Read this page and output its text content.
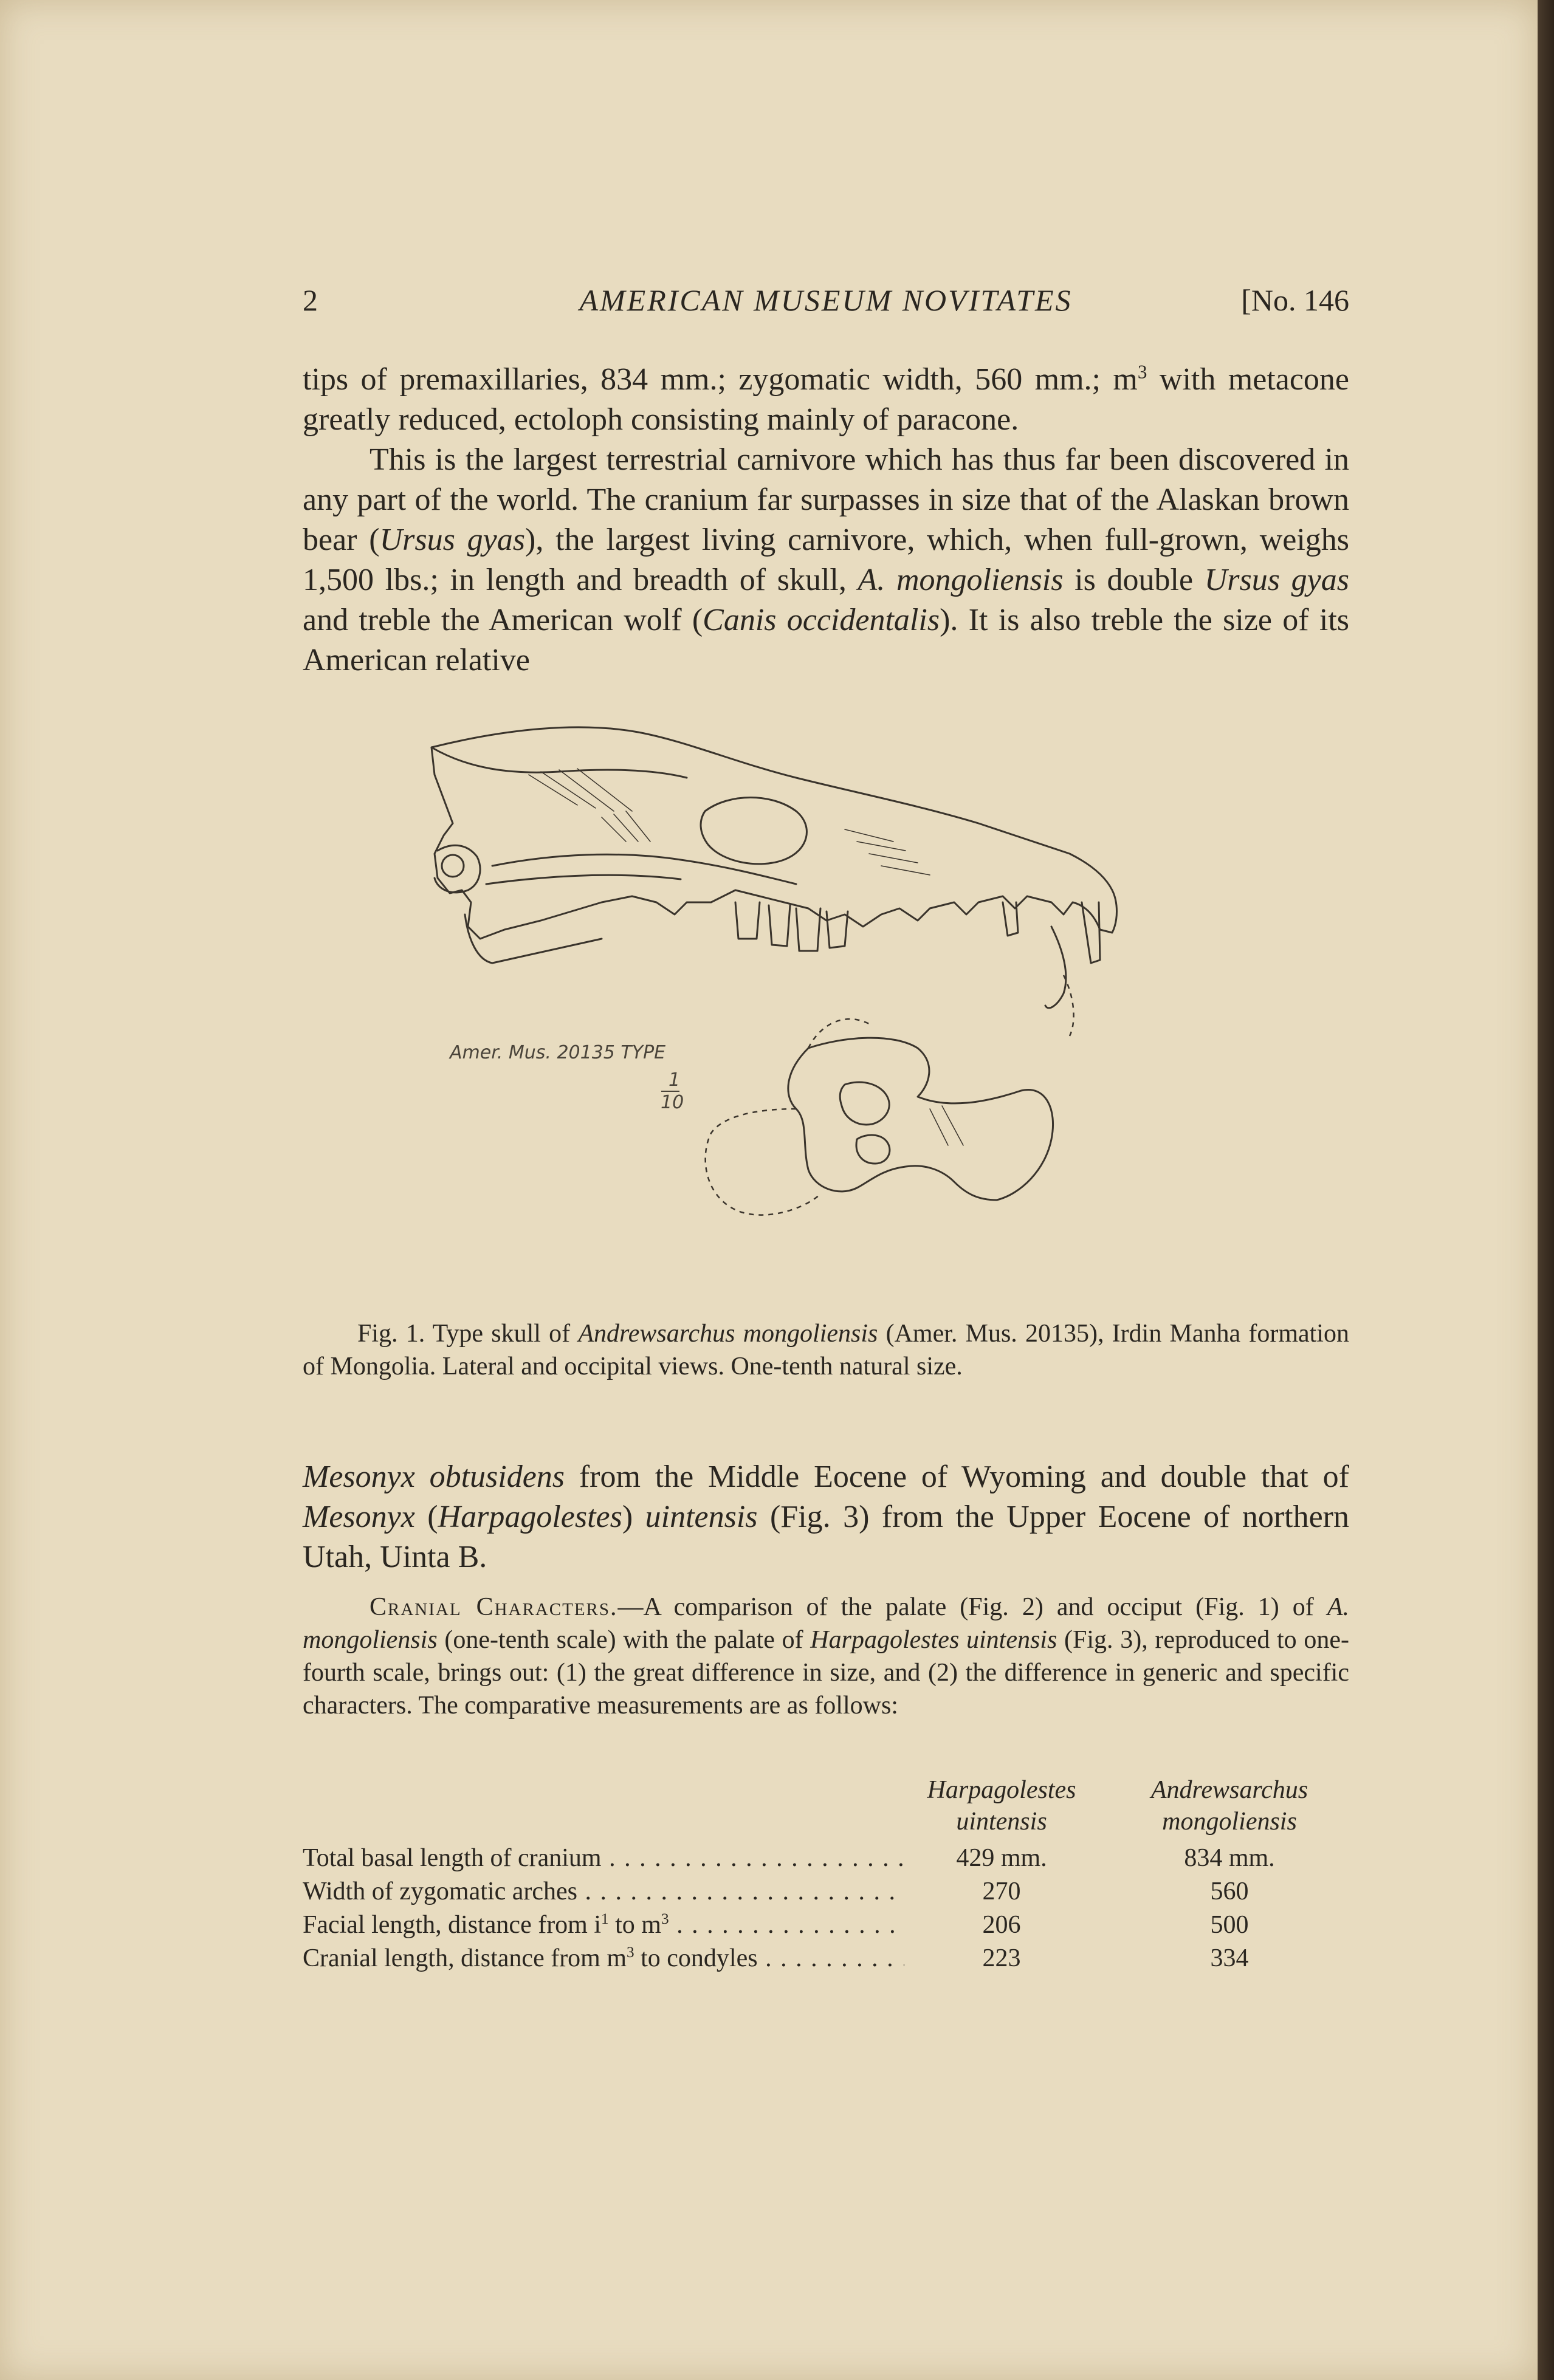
2	AMERICAN MUSEUM NOVITATES	[No. 146

tips of premaxillaries, 834 mm.; zygomatic width, 560 mm.; $m^3$ with metacone greatly reduced, ectoloph consisting mainly of paracone.

This is the largest terrestrial carnivore which has thus far been discovered in any part of the world. The cranium far surpasses in size that of the Alaskan brown bear (Ursus gyas), the largest living carnivore, which, when full-grown, weighs 1,500 lbs.; in length and breadth of skull, A. mongoliensis is double Ursus gyas and treble the American wolf (Canis occidentalis). It is also treble the size of its American relative

Amer. Mus. 20135 TYPE
1
10

Fig. 1. Type skull of Andrewsarchus mongoliensis (Amer. Mus. 20135), Irdin Manha formation of Mongolia. Lateral and occipital views. One-tenth natural size.

Mesonyx obtusidens from the Middle Eocene of Wyoming and double that of Mesonyx (Harpagolestes) uintensis (Fig. 3) from the Upper Eocene of northern Utah, Uinta B.

Cranial Characters.—A comparison of the palate (Fig. 2) and occiput (Fig. 1) of A. mongoliensis (one-tenth scale) with the palate of Harpagolestes uintensis (Fig. 3), reproduced to one-fourth scale, brings out: (1) the great difference in size, and (2) the difference in generic and specific characters. The comparative measurements are as follows:

Harpagolestes
uintensis
Andrewsarchus
mongoliensis
Total basal length of cranium . . .	429 mm.	834 mm.
Width of zygomatic arches . . .	270	560
Facial length, distance from $i^1$ to $m^3$ . . .	206	500
Cranial length, distance from $m^3$ to condyles . . .	223	334
